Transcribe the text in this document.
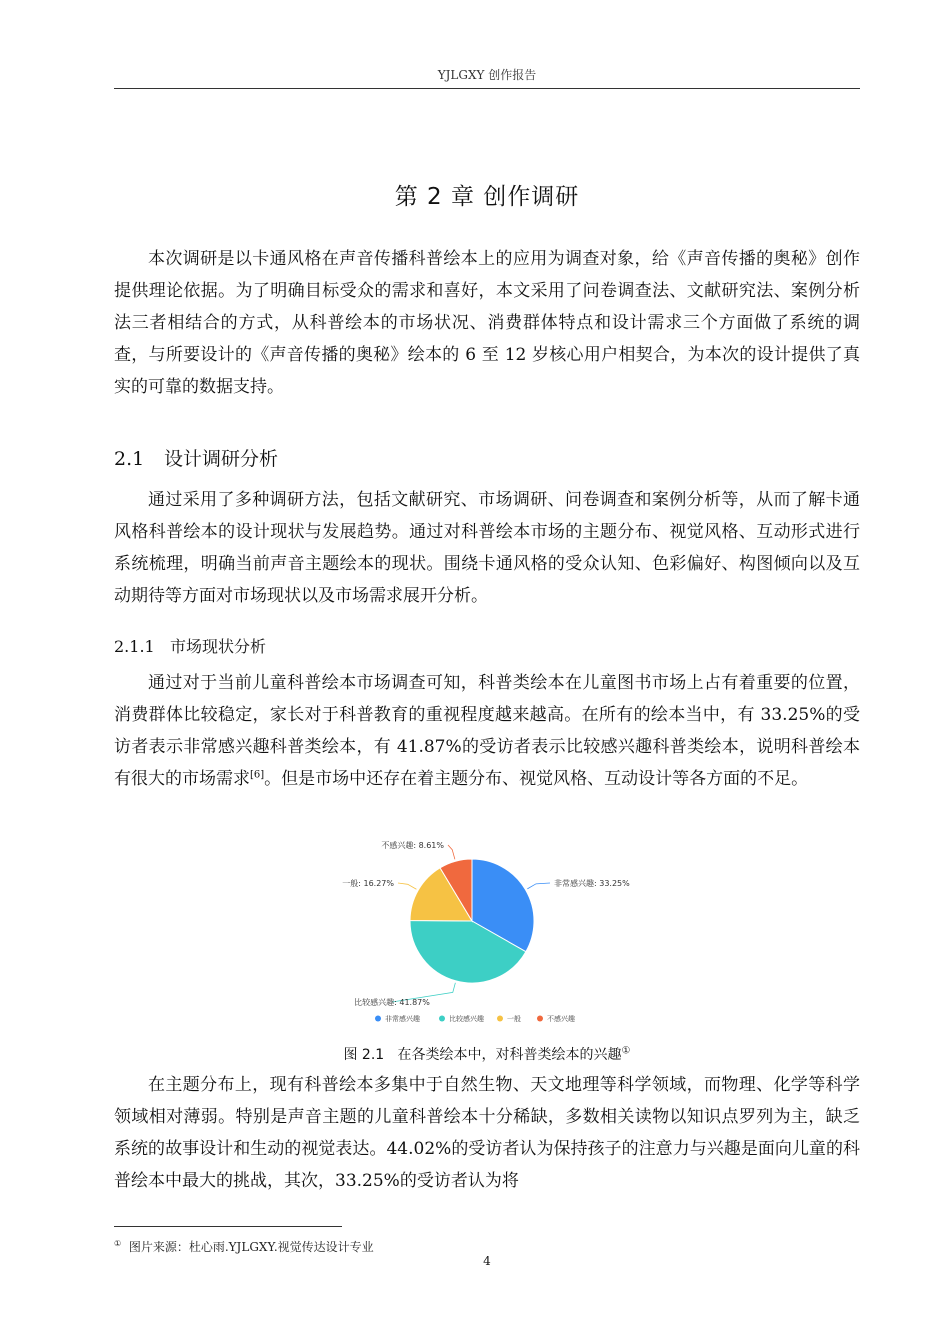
YJLGXY 创作报告
第 2 章 创作调研

本次调研是以卡通风格在声音传播科普绘本上的应用为调查对象，给《声音传播的奥秘》创作提供理论依据。为了明确目标受众的需求和喜好，本文采用了问卷调查法、文献研究法、案例分析法三者相结合的方式，从科普绘本的市场状况、消费群体特点和设计需求三个方面做了系统的调查，与所要设计的《声音传播的奥秘》绘本的 6 至 12 岁核心用户相契合，为本次的设计提供了真实的可靠的数据支持。

2.1 设计调研分析

通过采用了多种调研方法，包括文献研究、市场调研、问卷调查和案例分析等，从而了解卡通风格科普绘本的设计现状与发展趋势。通过对科普绘本市场的主题分布、视觉风格、互动形式进行系统梳理，明确当前声音主题绘本的现状。围绕卡通风格的受众认知、色彩偏好、构图倾向以及互动期待等方面对市场现状以及市场需求展开分析。

2.1.1 市场现状分析

通过对于当前儿童科普绘本市场调查可知，科普类绘本在儿童图书市场上占有着重要的位置，消费群体比较稳定，家长对于科普教育的重视程度越来越高。在所有的绘本当中，有 33.25%的受访者表示非常感兴趣科普类绘本，有 41.87%的受访者表示比较感兴趣科普类绘本，说明科普绘本有很大的市场需求[6]。但是市场中还存在着主题分布、视觉风格、互动设计等各方面的不足。

非常感兴趣: 33.25%
比较感兴趣: 41.87%
一般: 16.27%
不感兴趣: 8.61%
非常感兴趣	比较感兴趣	一般	不感兴趣
图 2.1 在各类绘本中，对科普类绘本的兴趣①

在主题分布上，现有科普绘本多集中于自然生物、天文地理等科学领域，而物理、化学等科学领域相对薄弱。特别是声音主题的儿童科普绘本十分稀缺，多数相关读物以知识点罗列为主，缺乏系统的故事设计和生动的视觉表达。44.02%的受访者认为保持孩子的注意力与兴趣是面向儿童的科普绘本中最大的挑战，其次，33.25%的受访者认为将

① 图片来源：杜心雨.YJLGXY.视觉传达设计专业
4
